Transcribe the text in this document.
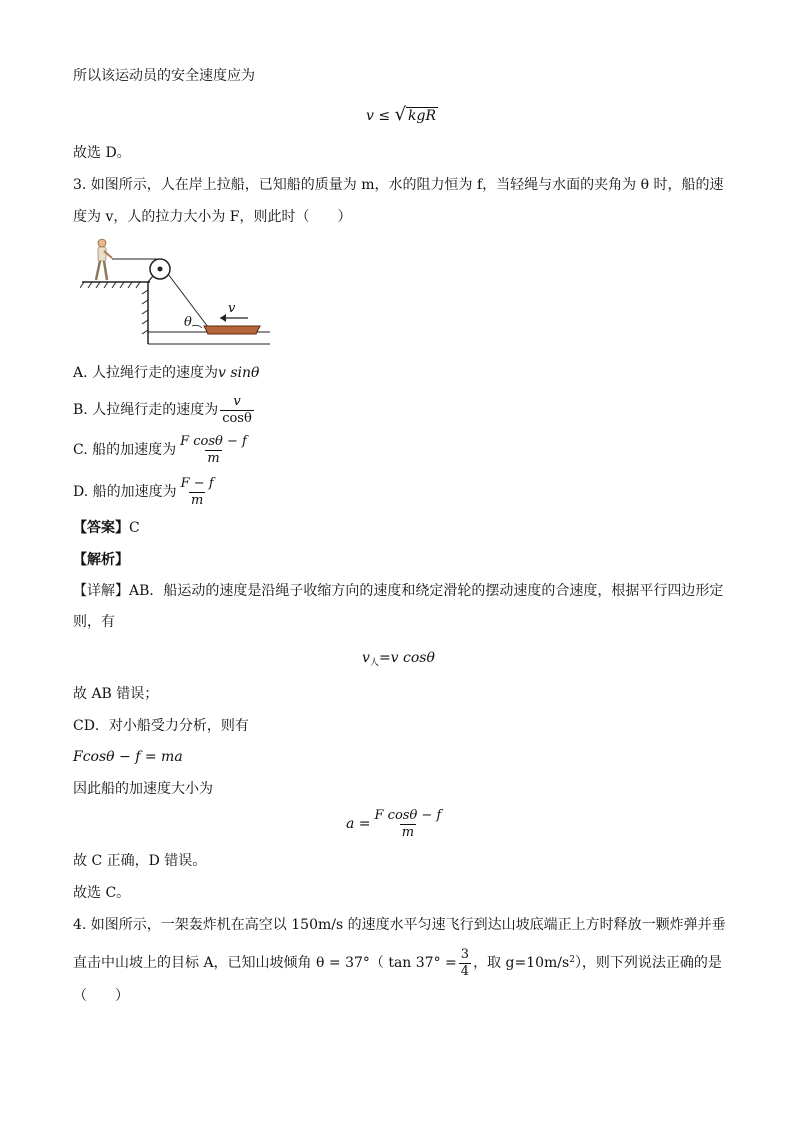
所以该运动员的安全速度应为
v ≤ √ kgR
故选 D。
3. 如图所示，人在岸上拉船，已知船的质量为 m，水的阻力恒为 f，当轻绳与水面的夹角为 θ 时，船的速
度为 v，人的拉力大小为 F，则此时（　　）
θ
v
A. 人拉绳行走的速度为v sinθ
B. 人拉绳行走的速度为 $\frac{v}{\cos\theta}$
C. 船的加速度为 $\frac{\text{F cosθ − f}}{m}$
D. 船的加速度为 $\frac{F - f}{m}$
【答案】C
【解析】
【详解】AB．船运动的速度是沿绳子收缩方向的速度和绕定滑轮的摆动速度的合速度，根据平行四边形定
则，有
$v_人=v$ cosθ
故 AB 错误；
CD．对小船受力分析，则有
Fcosθ − f = ma
因此船的加速度大小为
$a = \frac{\text{F cosθ − f}}{m}$
故 C 正确，D 错误。
故选 C。
4. 如图所示，一架轰炸机在高空以 150m/s 的速度水平匀速飞行到达山坡底端正上方时释放一颗炸弹并垂
直击中山坡上的目标 A，已知山坡倾角 θ = 37°（ $\tan 37^\circ = \frac{3}{4}$ ，取 $g=10m/s^2$），则下列说法正确的是
（　　）
